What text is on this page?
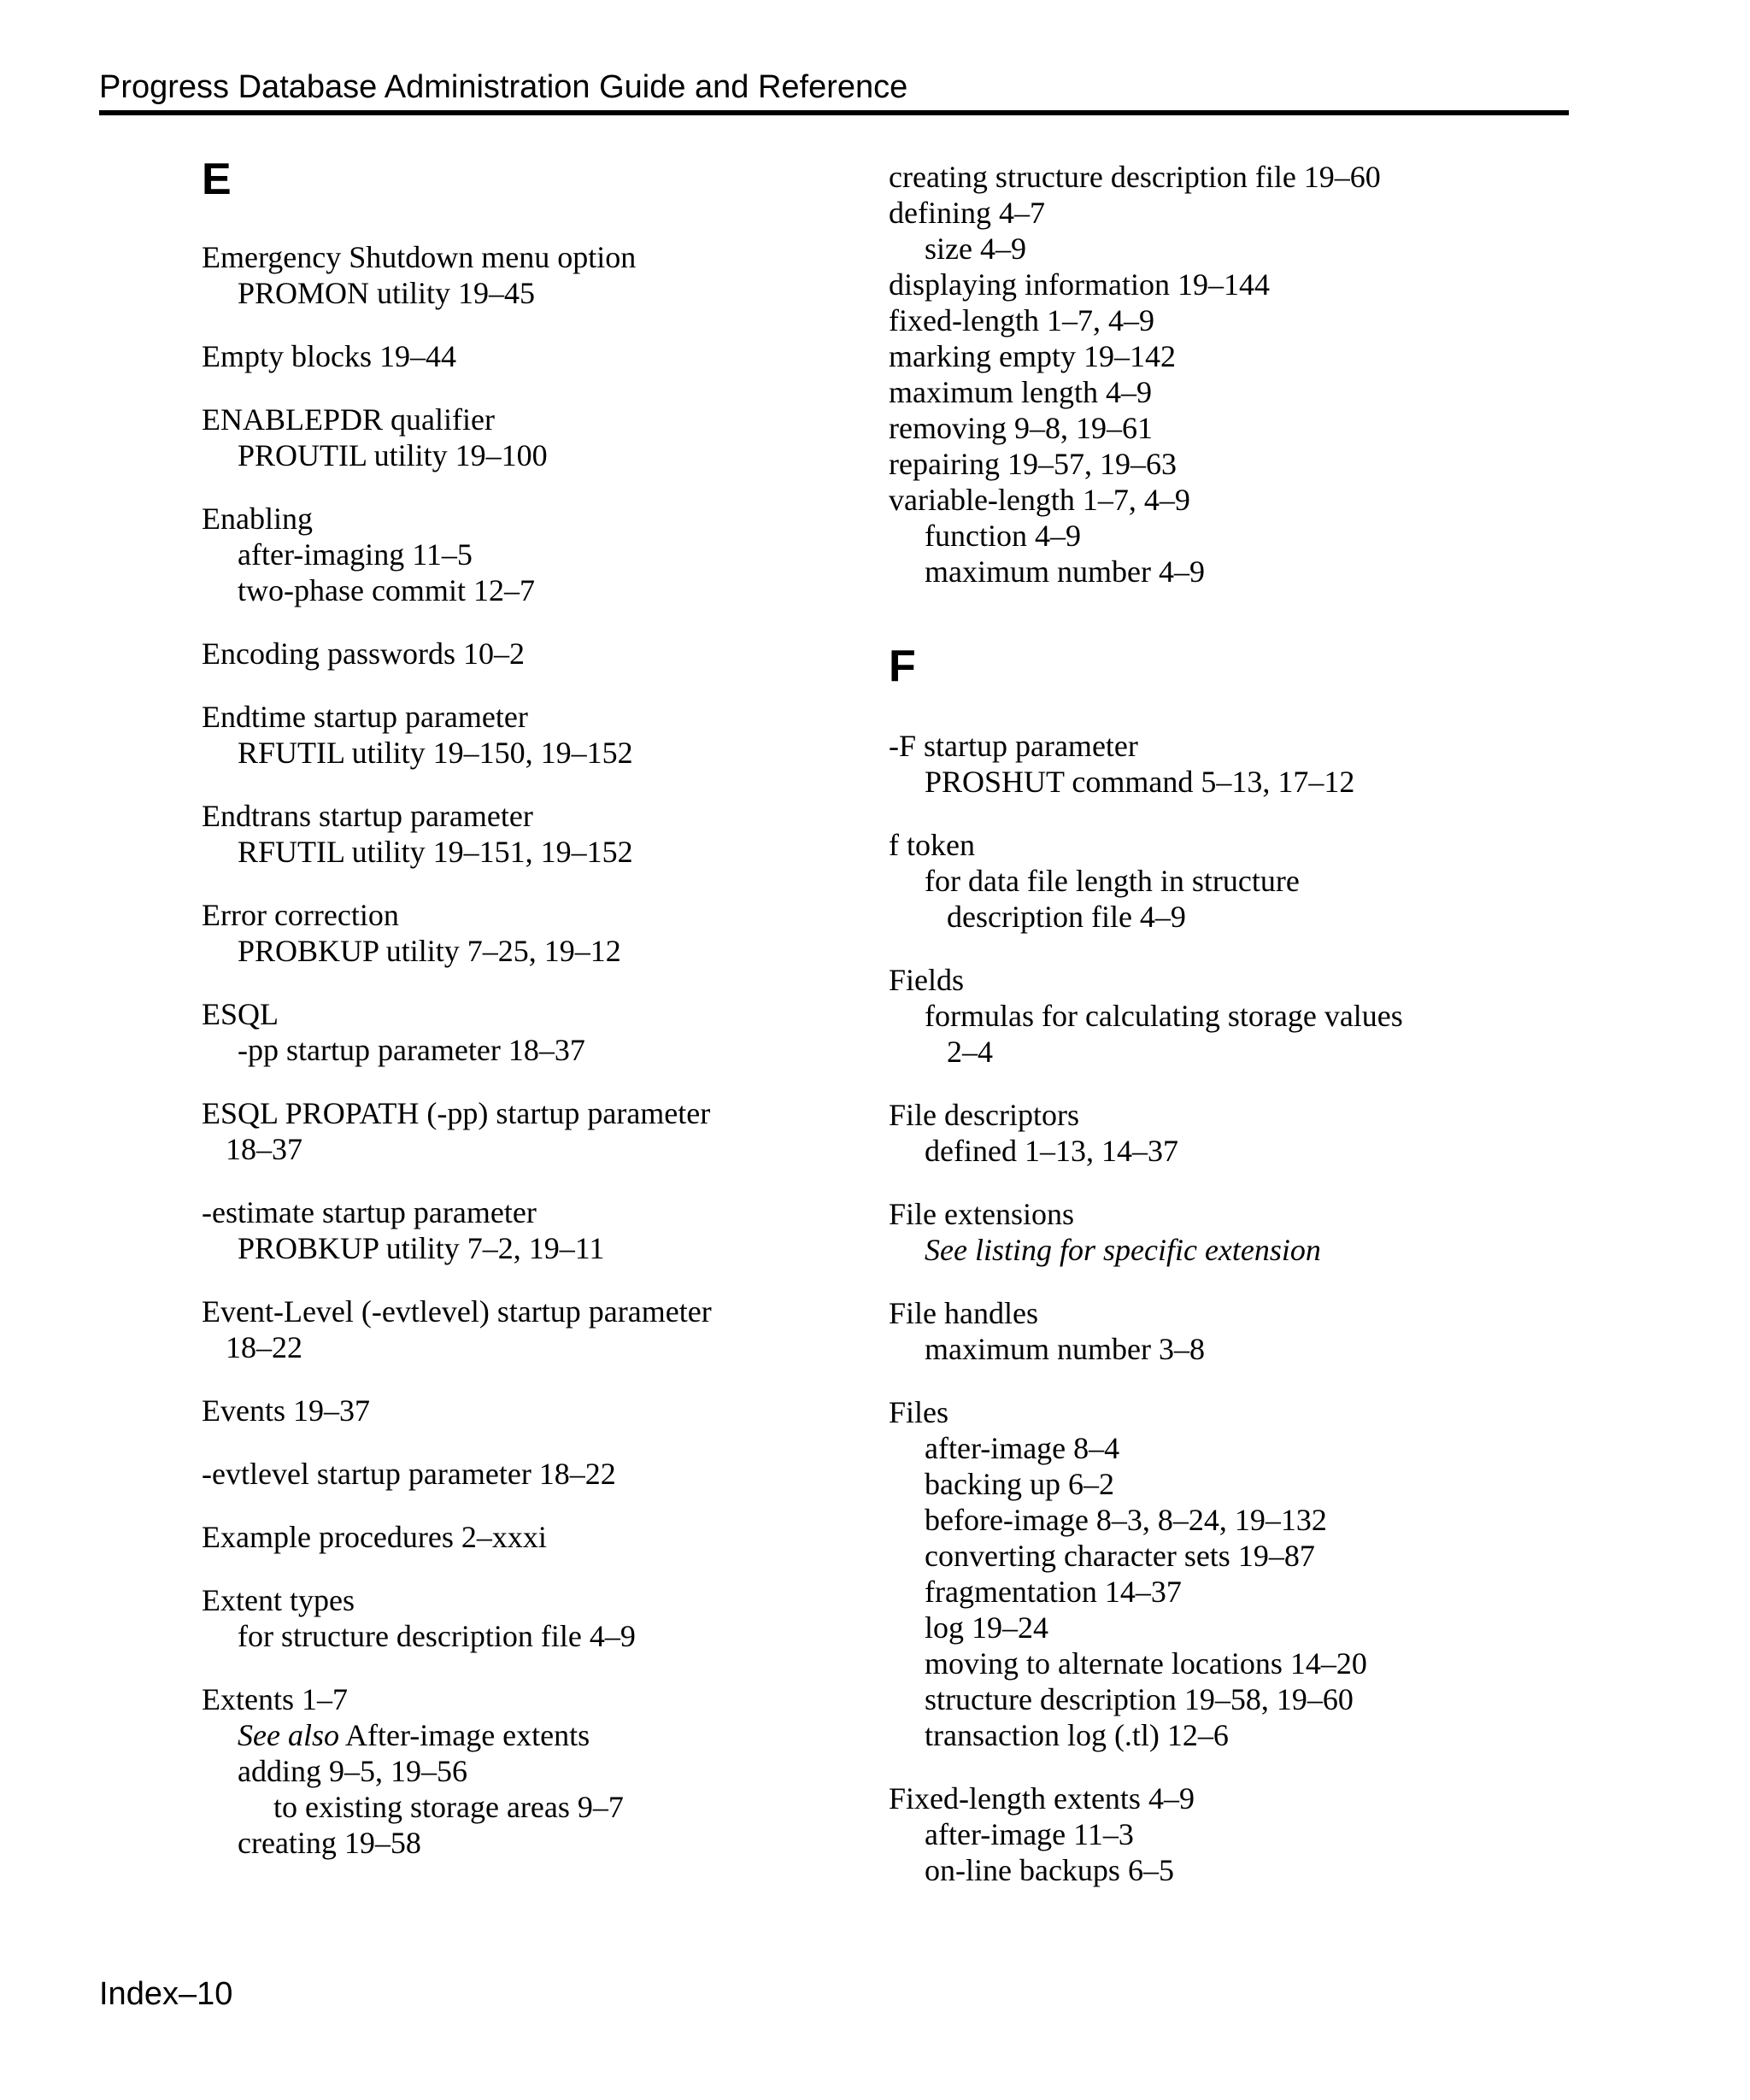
Progress Database Administration Guide and Reference
E
Emergency Shutdown menu option
PROMON utility 19–45
Empty blocks 19–44
ENABLEPDR qualifier
PROUTIL utility 19–100
Enabling
after-imaging 11–5
two-phase commit 12–7
Encoding passwords 10–2
Endtime startup parameter
RFUTIL utility 19–150, 19–152
Endtrans startup parameter
RFUTIL utility 19–151, 19–152
Error correction
PROBKUP utility 7–25, 19–12
ESQL
-pp startup parameter 18–37
ESQL PROPATH (-pp) startup parameter
18–37
-estimate startup parameter
PROBKUP utility 7–2, 19–11
Event-Level (-evtlevel) startup parameter
18–22
Events 19–37
-evtlevel startup parameter 18–22
Example procedures 2–xxxi
Extent types
for structure description file 4–9
Extents 1–7
See also After-image extents
adding 9–5, 19–56
to existing storage areas 9–7
creating 19–58
creating structure description file 19–60
defining 4–7
size 4–9
displaying information 19–144
fixed-length 1–7, 4–9
marking empty 19–142
maximum length 4–9
removing 9–8, 19–61
repairing 19–57, 19–63
variable-length 1–7, 4–9
function 4–9
maximum number 4–9
F
-F startup parameter
PROSHUT command 5–13, 17–12
f token
for data file length in structure
description file 4–9
Fields
formulas for calculating storage values
2–4
File descriptors
defined 1–13, 14–37
File extensions
See listing for specific extension
File handles
maximum number 3–8
Files
after-image 8–4
backing up 6–2
before-image 8–3, 8–24, 19–132
converting character sets 19–87
fragmentation 14–37
log 19–24
moving to alternate locations 14–20
structure description 19–58, 19–60
transaction log (.tl) 12–6
Fixed-length extents 4–9
after-image 11–3
on-line backups 6–5
Index–10
